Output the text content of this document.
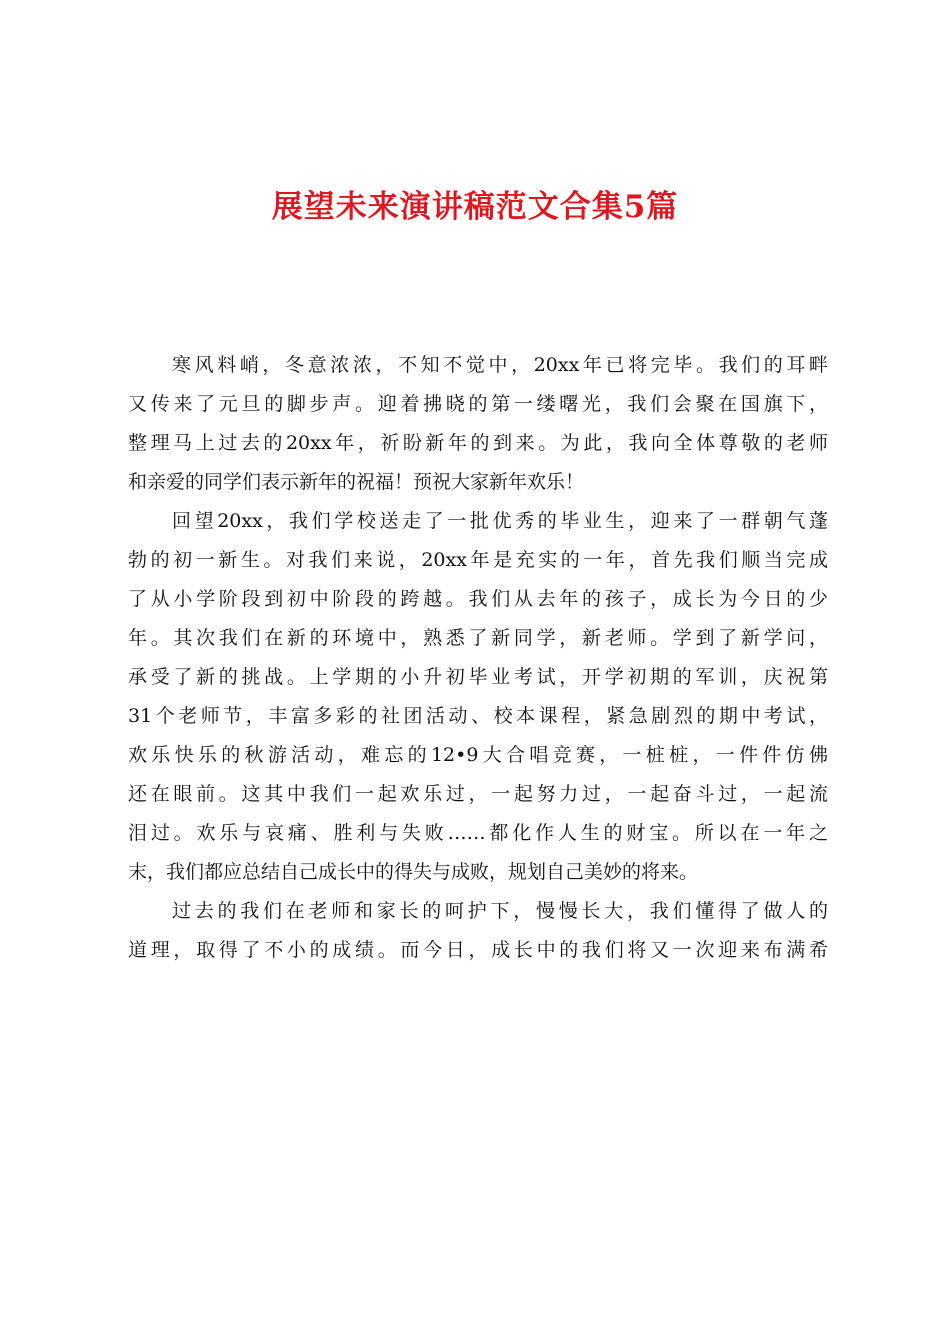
展望未来演讲稿范文合集5篇
寒风料峭，冬意浓浓，不知不觉中，20xx年已将完毕。我们的耳畔
又传来了元旦的脚步声。迎着拂晓的第一缕曙光，我们会聚在国旗下，
整理马上过去的20xx年，祈盼新年的到来。为此，我向全体尊敬的老师
和亲爱的同学们表示新年的祝福！预祝大家新年欢乐！
回望20xx，我们学校送走了一批优秀的毕业生，迎来了一群朝气蓬
勃的初一新生。对我们来说，20xx年是充实的一年，首先我们顺当完成
了从小学阶段到初中阶段的跨越。我们从去年的孩子，成长为今日的少
年。其次我们在新的环境中，熟悉了新同学，新老师。学到了新学问，
承受了新的挑战。上学期的小升初毕业考试，开学初期的军训，庆祝第
31个老师节，丰富多彩的社团活动、校本课程，紧急剧烈的期中考试，
欢乐快乐的秋游活动，难忘的12•9大合唱竞赛，一桩桩，一件件仿佛
还在眼前。这其中我们一起欢乐过，一起努力过，一起奋斗过，一起流
泪过。欢乐与哀痛、胜利与失败……都化作人生的财宝。所以在一年之
末，我们都应总结自己成长中的得失与成败，规划自己美妙的将来。
过去的我们在老师和家长的呵护下，慢慢长大，我们懂得了做人的
道理，取得了不小的成绩。而今日，成长中的我们将又一次迎来布满希
